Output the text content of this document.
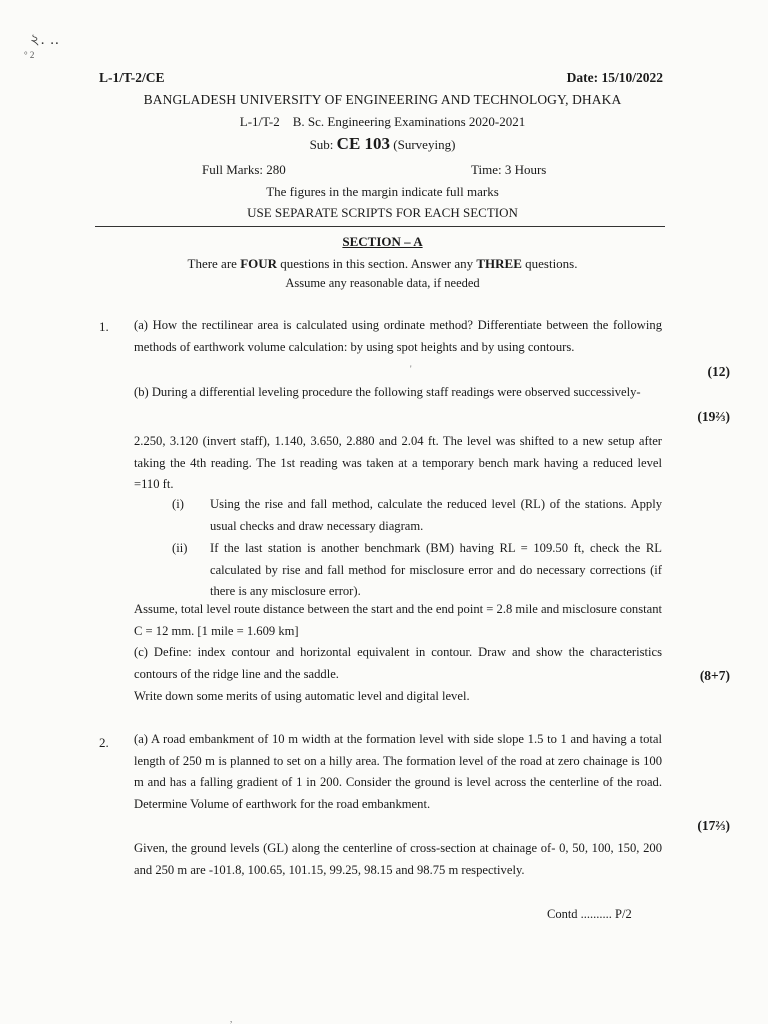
২. ..
° 2
L-1/T-2/CE	Date: 15/10/2022
BANGLADESH UNIVERSITY OF ENGINEERING AND TECHNOLOGY, DHAKA
L-1/T-2    B. Sc. Engineering Examinations 2020-2021
Sub: CE 103 (Surveying)
Full Marks: 280	Time: 3 Hours
The figures in the margin indicate full marks
USE SEPARATE SCRIPTS FOR EACH SECTION
SECTION – A
There are FOUR questions in this section. Answer any THREE questions.
Assume any reasonable data, if needed
1. (a) How the rectilinear area is calculated using ordinate method? Differentiate between the following methods of earthwork volume calculation: by using spot heights and by using contours.
(12)
(b) During a differential leveling procedure the following staff readings were observed successively-
(19⅔)
2.250, 3.120 (invert staff), 1.140, 3.650, 2.880 and 2.04 ft. The level was shifted to a new setup after taking the 4th reading. The 1st reading was taken at a temporary bench mark having a reduced level =110 ft.
(i) Using the rise and fall method, calculate the reduced level (RL) of the stations. Apply usual checks and draw necessary diagram.
(ii) If the last station is another benchmark (BM) having RL = 109.50 ft, check the RL calculated by rise and fall method for misclosure error and do necessary corrections (if there is any misclosure error).
Assume, total level route distance between the start and the end point = 2.8 mile and misclosure constant C = 12 mm. [1 mile = 1.609 km]
(c) Define: index contour and horizontal equivalent in contour. Draw and show the characteristics contours of the ridge line and the saddle.	(8+7)
Write down some merits of using automatic level and digital level.
2. (a) A road embankment of 10 m width at the formation level with side slope 1.5 to 1 and having a total length of 250 m is planned to set on a hilly area. The formation level of the road at zero chainage is 100 m and has a falling gradient of 1 in 200. Consider the ground is level across the centerline of the road. Determine Volume of earthwork for the road embankment.
(17⅔)
Given, the ground levels (GL) along the centerline of cross-section at chainage of- 0, 50, 100, 150, 200 and 250 m are -101.8, 100.65, 101.15, 99.25, 98.15 and 98.75 m respectively.
Contd .......... P/2
'
,
